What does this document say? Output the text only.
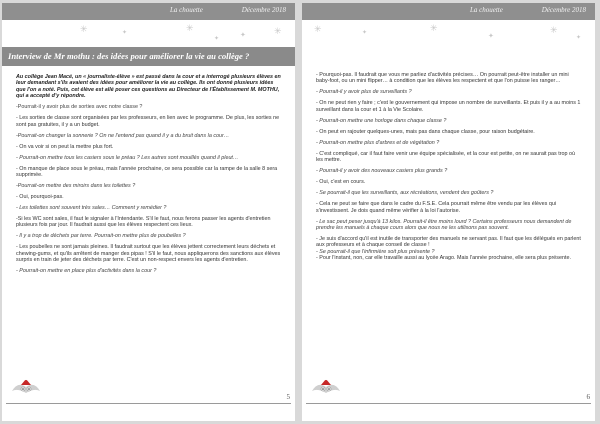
La chouette	Décembre 2018
✳	✦	✳
✦	✳
✦
Interview de Mr mothu : des idées pour améliorer la vie au collège ?

Au collège Jean Macé, un « journaliste-élève » est passé dans la cour et a interrogé plusieurs élèves en leur demandant s'ils avaient des idées pour améliorer la vie au collège. Ils ont donné plusieurs idées que l'on a noté. Puis, cet élève est allé poser ces questions au Directeur de l'Établissement M. MOTHU, qui a accepté d'y répondre.

-Pourrait-il y avoir plus de sorties avec notre classe ?

- Les sorties de classe sont organisées par les professeurs, en lien avec le programme. De plus, les sorties ne sont pas gratuites, il y a un budget.

-Pourrait-on changer la sonnerie ? On ne l'entend pas quand il y a du bruit dans la cour…

- On va voir si on peut la mettre plus fort.

- Pourrait-on mettre tous les casiers sous le préau ? Les autres sont mouillés quand il pleut…

- On manque de place sous le préau, mais l'année prochaine, ce sera possible car la rampe de la salle 8 sera supprimée.

-Pourrait-on mettre des miroirs dans les toilettes ?

- Oui, pourquoi-pas.

- Les toilettes sont souvent très sales… Comment y remédier ?

-Si les WC sont sales, il faut le signaler à l'Intendante. S'il le faut, nous ferons passer les agents d'entretien plusieurs fois par jour. Il faudrait aussi que les élèves respectent ces lieux.

- Il y a trop de déchets par terre. Pourrait-on mettre plus de poubelles ?

- Les poubelles ne sont jamais pleines. Il faudrait surtout que les élèves jettent correctement leurs déchets et chewing-gums, et qu'ils arrêtent de manger des pipas ! S'il le faut, nous appliquerons des sanctions aux élèves surpris en train de jeter des déchets par terre. C'est un non-respect envers les agents d'entretien.

- Pourrait-on mettre en place plus d'activités dans la cour ?

5
La chouette	Décembre 2018
✳	✦	✳
✦
✳
✦

- Pourquoi-pas. Il faudrait que vous me parliez d'activités précises… On pourrait peut-être installer un mini baby-foot, ou un mini flipper… à condition que les élèves les respectent et que l'on puisse les ranger…

- Pourrait-il y avoir plus de surveillants ?

- On ne peut rien y faire ; c'est le gouvernement qui impose un nombre de surveillants. Et puis il y a au moins 1 surveillant dans la cour et 1 à la Vie Scolaire.

- Pourrait-on mettre une horloge dans chaque classe ?

- On peut en rajouter quelques-unes, mais pas dans chaque classe, pour raison budgétaire.

- Pourrait-on mettre plus d'arbres et de végétation ?

- C'est compliqué, car il faut faire venir une équipe spécialisée, et la cour est petite, on ne saurait pas trop où les mettre.

- Pourrait-il y avoir des nouveaux casiers plus grands ?

- Oui, c'est en cours.

- Se pourrait-il que les surveillants, aux récréations, vendent des goûters ?

- Cela ne peut se faire que dans le cadre du F.S.E. Cela pourrait même être vendu par les élèves qui s'investissent. Je dois quand même vérifier à la loi l'autorise.

- Le sac peut peser jusqu'à 13 kilos. Pourrait-il être moins lourd ? Certains professeurs nous demandent de prendre les manuels à chaque cours alors que nous ne les utilisons pas souvent.

- Je suis d'accord qu'il est inutile de transporter des manuels ne servant pas. Il faut que les délégués en parlent aux professeurs et à chaque conseil de classe !

- Se pourrait-il que l'infirmière soit plus présente ?

- Pour l'instant, non, car elle travaille aussi au lycée Arago. Mais l'année prochaine, elle sera plus présente.

6
